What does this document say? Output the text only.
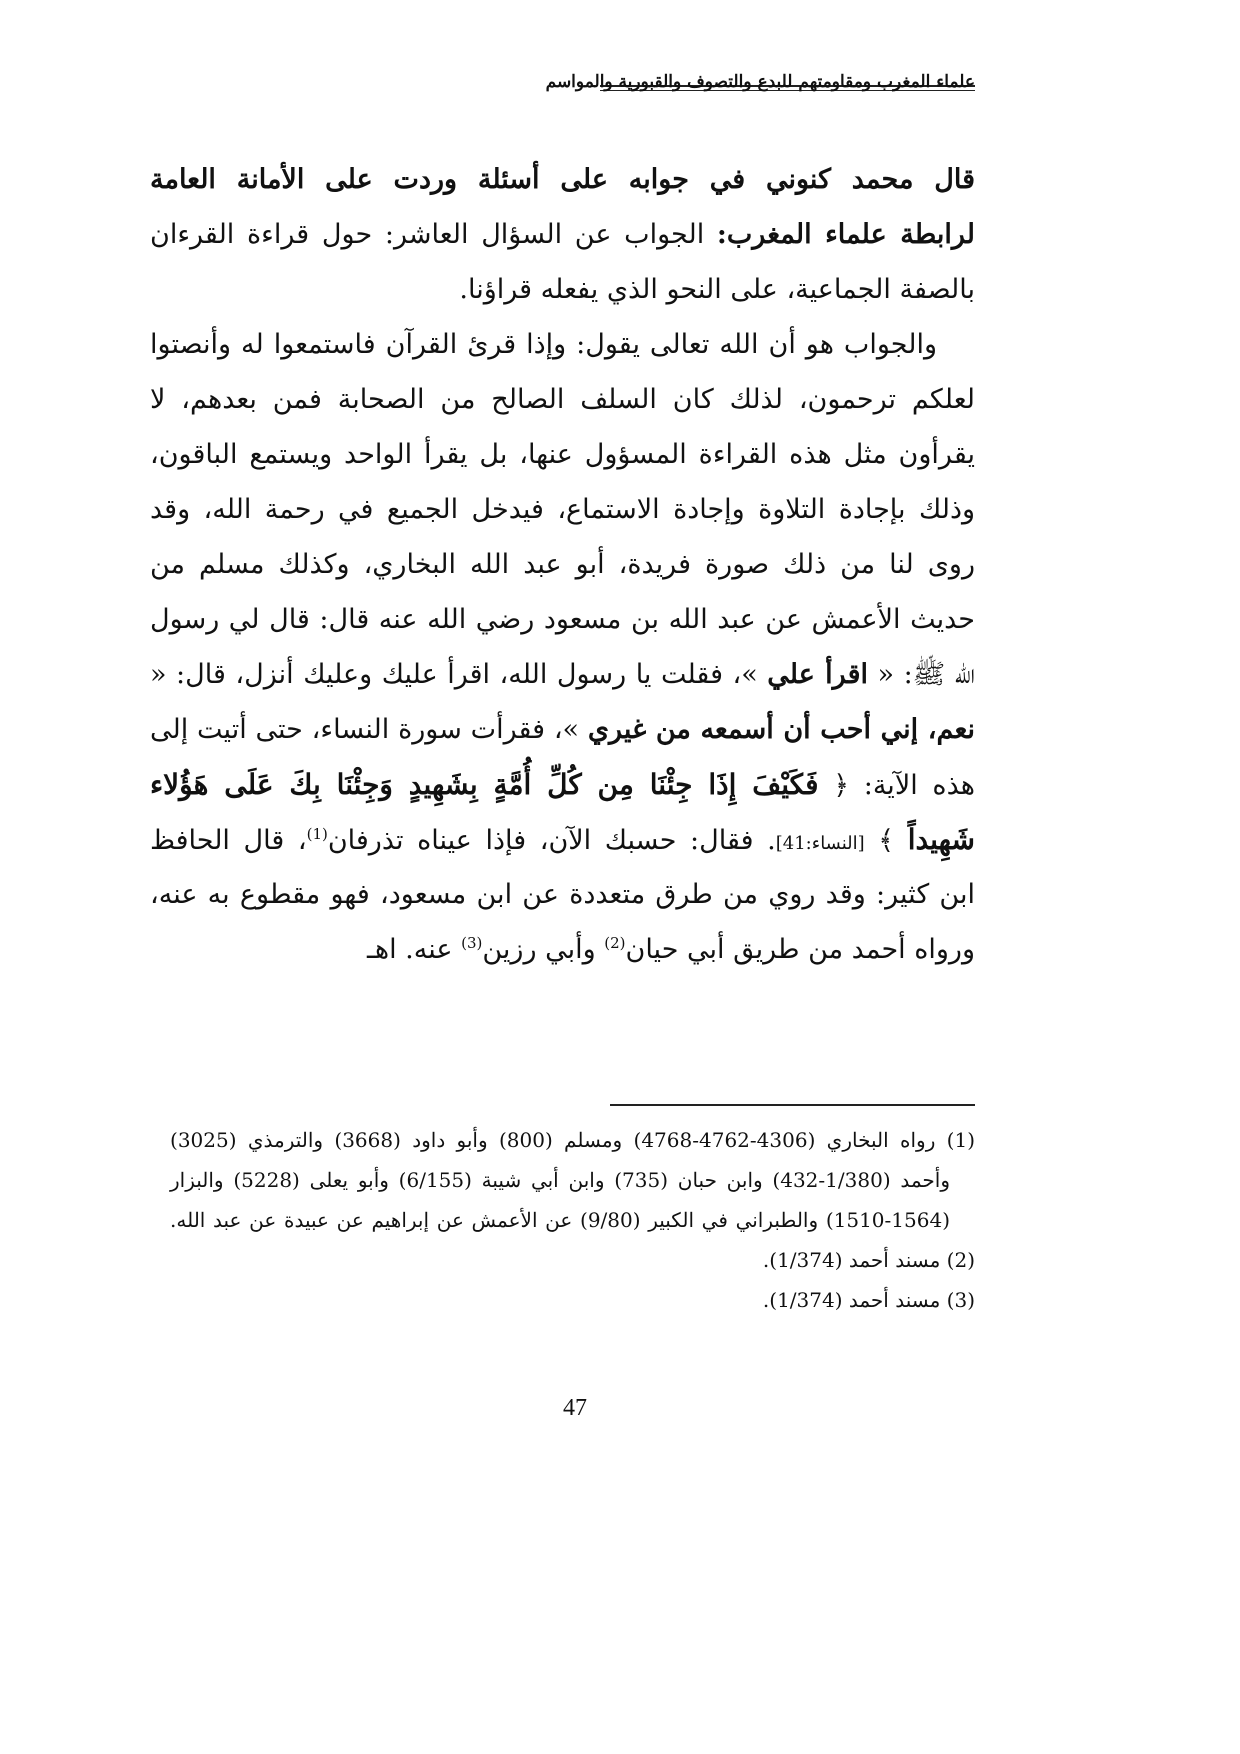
علماء المغرب ومقاومتهم للبدع والتصوف والقبورية والمواسم
قال محمد كنوني في جوابه على أسئلة وردت على الأمانة العامة
لرابطة علماء المغرب: الجواب عن السؤال العاشر: حول قراءة القرءان
بالصفة الجماعية، على النحو الذي يفعله قراؤنا.
والجواب هو أن الله تعالى يقول: وإذا قرئ القرآن فاستمعوا له وأنصتوا
لعلكم ترحمون، لذلك كان السلف الصالح من الصحابة فمن بعدهم، لا
يقرأون مثل هذه القراءة المسؤول عنها، بل يقرأ الواحد ويستمع الباقون،
وذلك بإجادة التلاوة وإجادة الاستماع، فيدخل الجميع في رحمة الله، وقد
روى لنا من ذلك صورة فريدة، أبو عبد الله البخاري، وكذلك مسلم من
حديث الأعمش عن عبد الله بن مسعود رضي الله عنه قال: قال لي رسول
الله ﷺ: « اقرأ علي »، فقلت يا رسول الله، اقرأ عليك وعليك أنزل، قال: «
نعم، إني أحب أن أسمعه من غيري »، فقرأت سورة النساء، حتى أتيت إلى
هذه الآية: ﴿ فَكَيْفَ إِذَا جِئْنَا مِن كُلِّ أُمَّةٍ بِشَهِيدٍ وَجِئْنَا بِكَ عَلَى هَؤُلاء
شَهِيداً ﴾ [النساء:41]. فقال: حسبك الآن، فإذا عيناه تذرفان$^{(1)}$، قال الحافظ
ابن كثير: وقد روي من طرق متعددة عن ابن مسعود، فهو مقطوع به عنه،
ورواه أحمد من طريق أبي حيان$^{(2)}$ وأبي رزين$^{(3)}$ عنه. اهـ
(1) رواه البخاري (4306-4762-4768) ومسلم (800) وأبو داود (3668) والترمذي (3025)
وأحمد (1/380-432) وابن حبان (735) وابن أبي شيبة (6/155) وأبو يعلى (5228) والبزار
(1510-1564) والطبراني في الكبير (9/80) عن الأعمش عن إبراهيم عن عبيدة عن عبد الله.
(2) مسند أحمد (1/374).
(3) مسند أحمد (1/374).
47
